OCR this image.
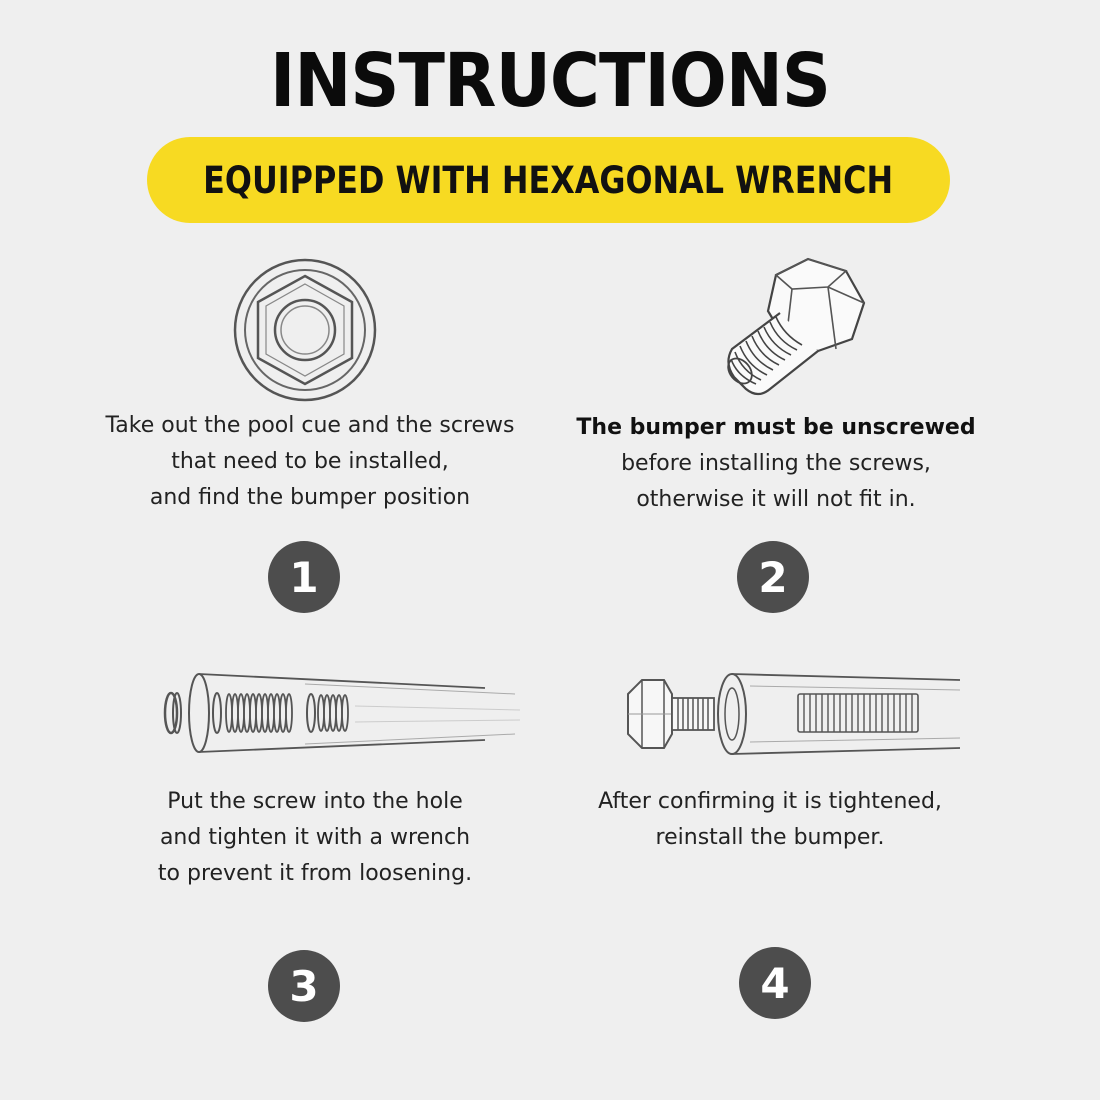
INSTRUCTIONS
EQUIPPED WITH HEXAGONAL WRENCH
Take out the pool cue and the screws
that need to be installed,
and find the bumper position
The bumper must be unscrewed
before installing the screws,
otherwise it will not fit in.
Put the screw into the hole
and tighten it with a wrench
to prevent it from loosening.
After confirming it is tightened,
reinstall the bumper.
1	2
3	4
